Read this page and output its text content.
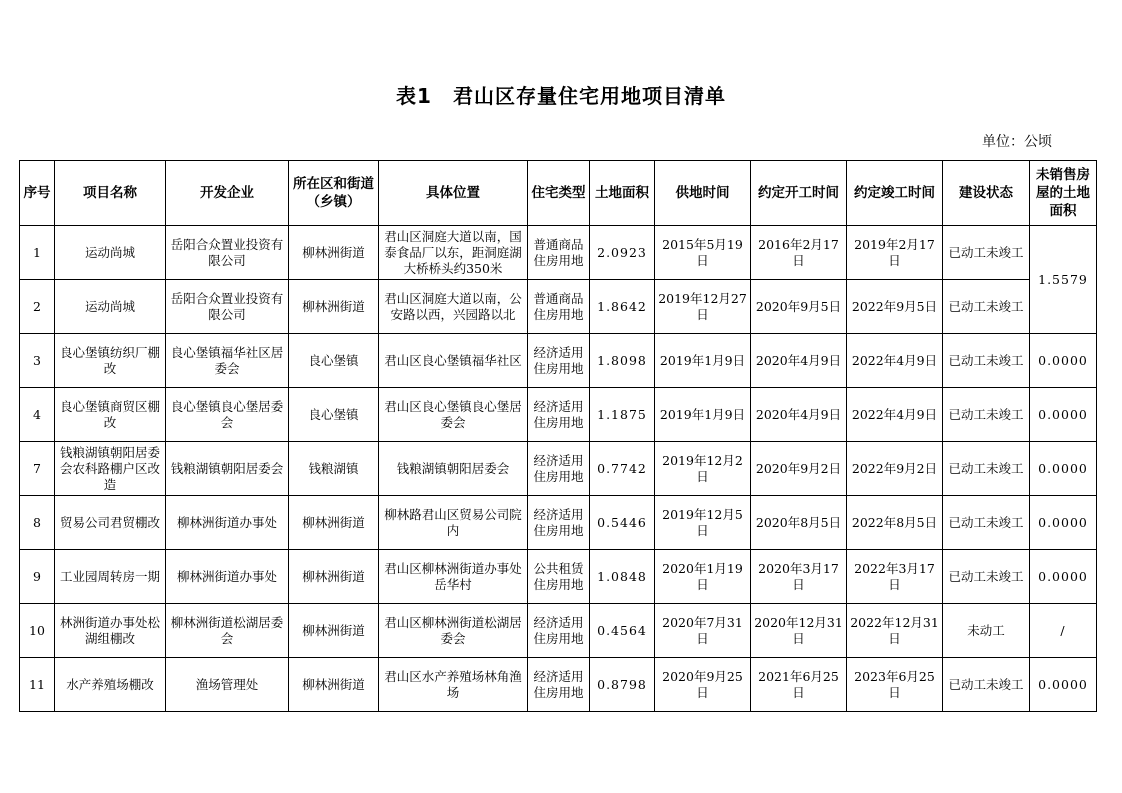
表1　君山区存量住宅用地项目清单
单位：公顷
序号	项目名称	开发企业	所在区和街道（乡镇）	具体位置	住宅类型	土地面积	供地时间	约定开工时间	约定竣工时间	建设状态	未销售房屋的土地面积
1	运动尚城	岳阳合众置业投资有限公司	柳林洲街道	君山区洞庭大道以南，国泰食品厂以东，距洞庭湖大桥桥头约350米	普通商品住房用地	2.0923	2015年5月19日	2016年2月17日	2019年2月17日	已动工未竣工	1.5579
2	运动尚城	岳阳合众置业投资有限公司	柳林洲街道	君山区洞庭大道以南，公安路以西，兴园路以北	普通商品住房用地	1.8642	2019年12月27日	2020年9月5日	2022年9月5日	已动工未竣工	
3	良心堡镇纺织厂棚改	良心堡镇福华社区居委会	良心堡镇	君山区良心堡镇福华社区	经济适用住房用地	1.8098	2019年1月9日	2020年4月9日	2022年4月9日	已动工未竣工	0.0000
4	良心堡镇商贸区棚改	良心堡镇良心堡居委会	良心堡镇	君山区良心堡镇良心堡居委会	经济适用住房用地	1.1875	2019年1月9日	2020年4月9日	2022年4月9日	已动工未竣工	0.0000
7	钱粮湖镇朝阳居委会农科路棚户区改造	钱粮湖镇朝阳居委会	钱粮湖镇	钱粮湖镇朝阳居委会	经济适用住房用地	0.7742	2019年12月2日	2020年9月2日	2022年9月2日	已动工未竣工	0.0000
8	贸易公司君贸棚改	柳林洲街道办事处	柳林洲街道	柳林路君山区贸易公司院内	经济适用住房用地	0.5446	2019年12月5日	2020年8月5日	2022年8月5日	已动工未竣工	0.0000
9	工业园周转房一期	柳林洲街道办事处	柳林洲街道	君山区柳林洲街道办事处岳华村	公共租赁住房用地	1.0848	2020年1月19日	2020年3月17日	2022年3月17日	已动工未竣工	0.0000
10	林洲街道办事处松湖组棚改	柳林洲街道松湖居委会	柳林洲街道	君山区柳林洲街道松湖居委会	经济适用住房用地	0.4564	2020年7月31日	2020年12月31日	2022年12月31日	未动工	/
11	水产养殖场棚改	渔场管理处	柳林洲街道	君山区水产养殖场林角渔场	经济适用住房用地	0.8798	2020年9月25日	2021年6月25日	2023年6月25日	已动工未竣工	0.0000
